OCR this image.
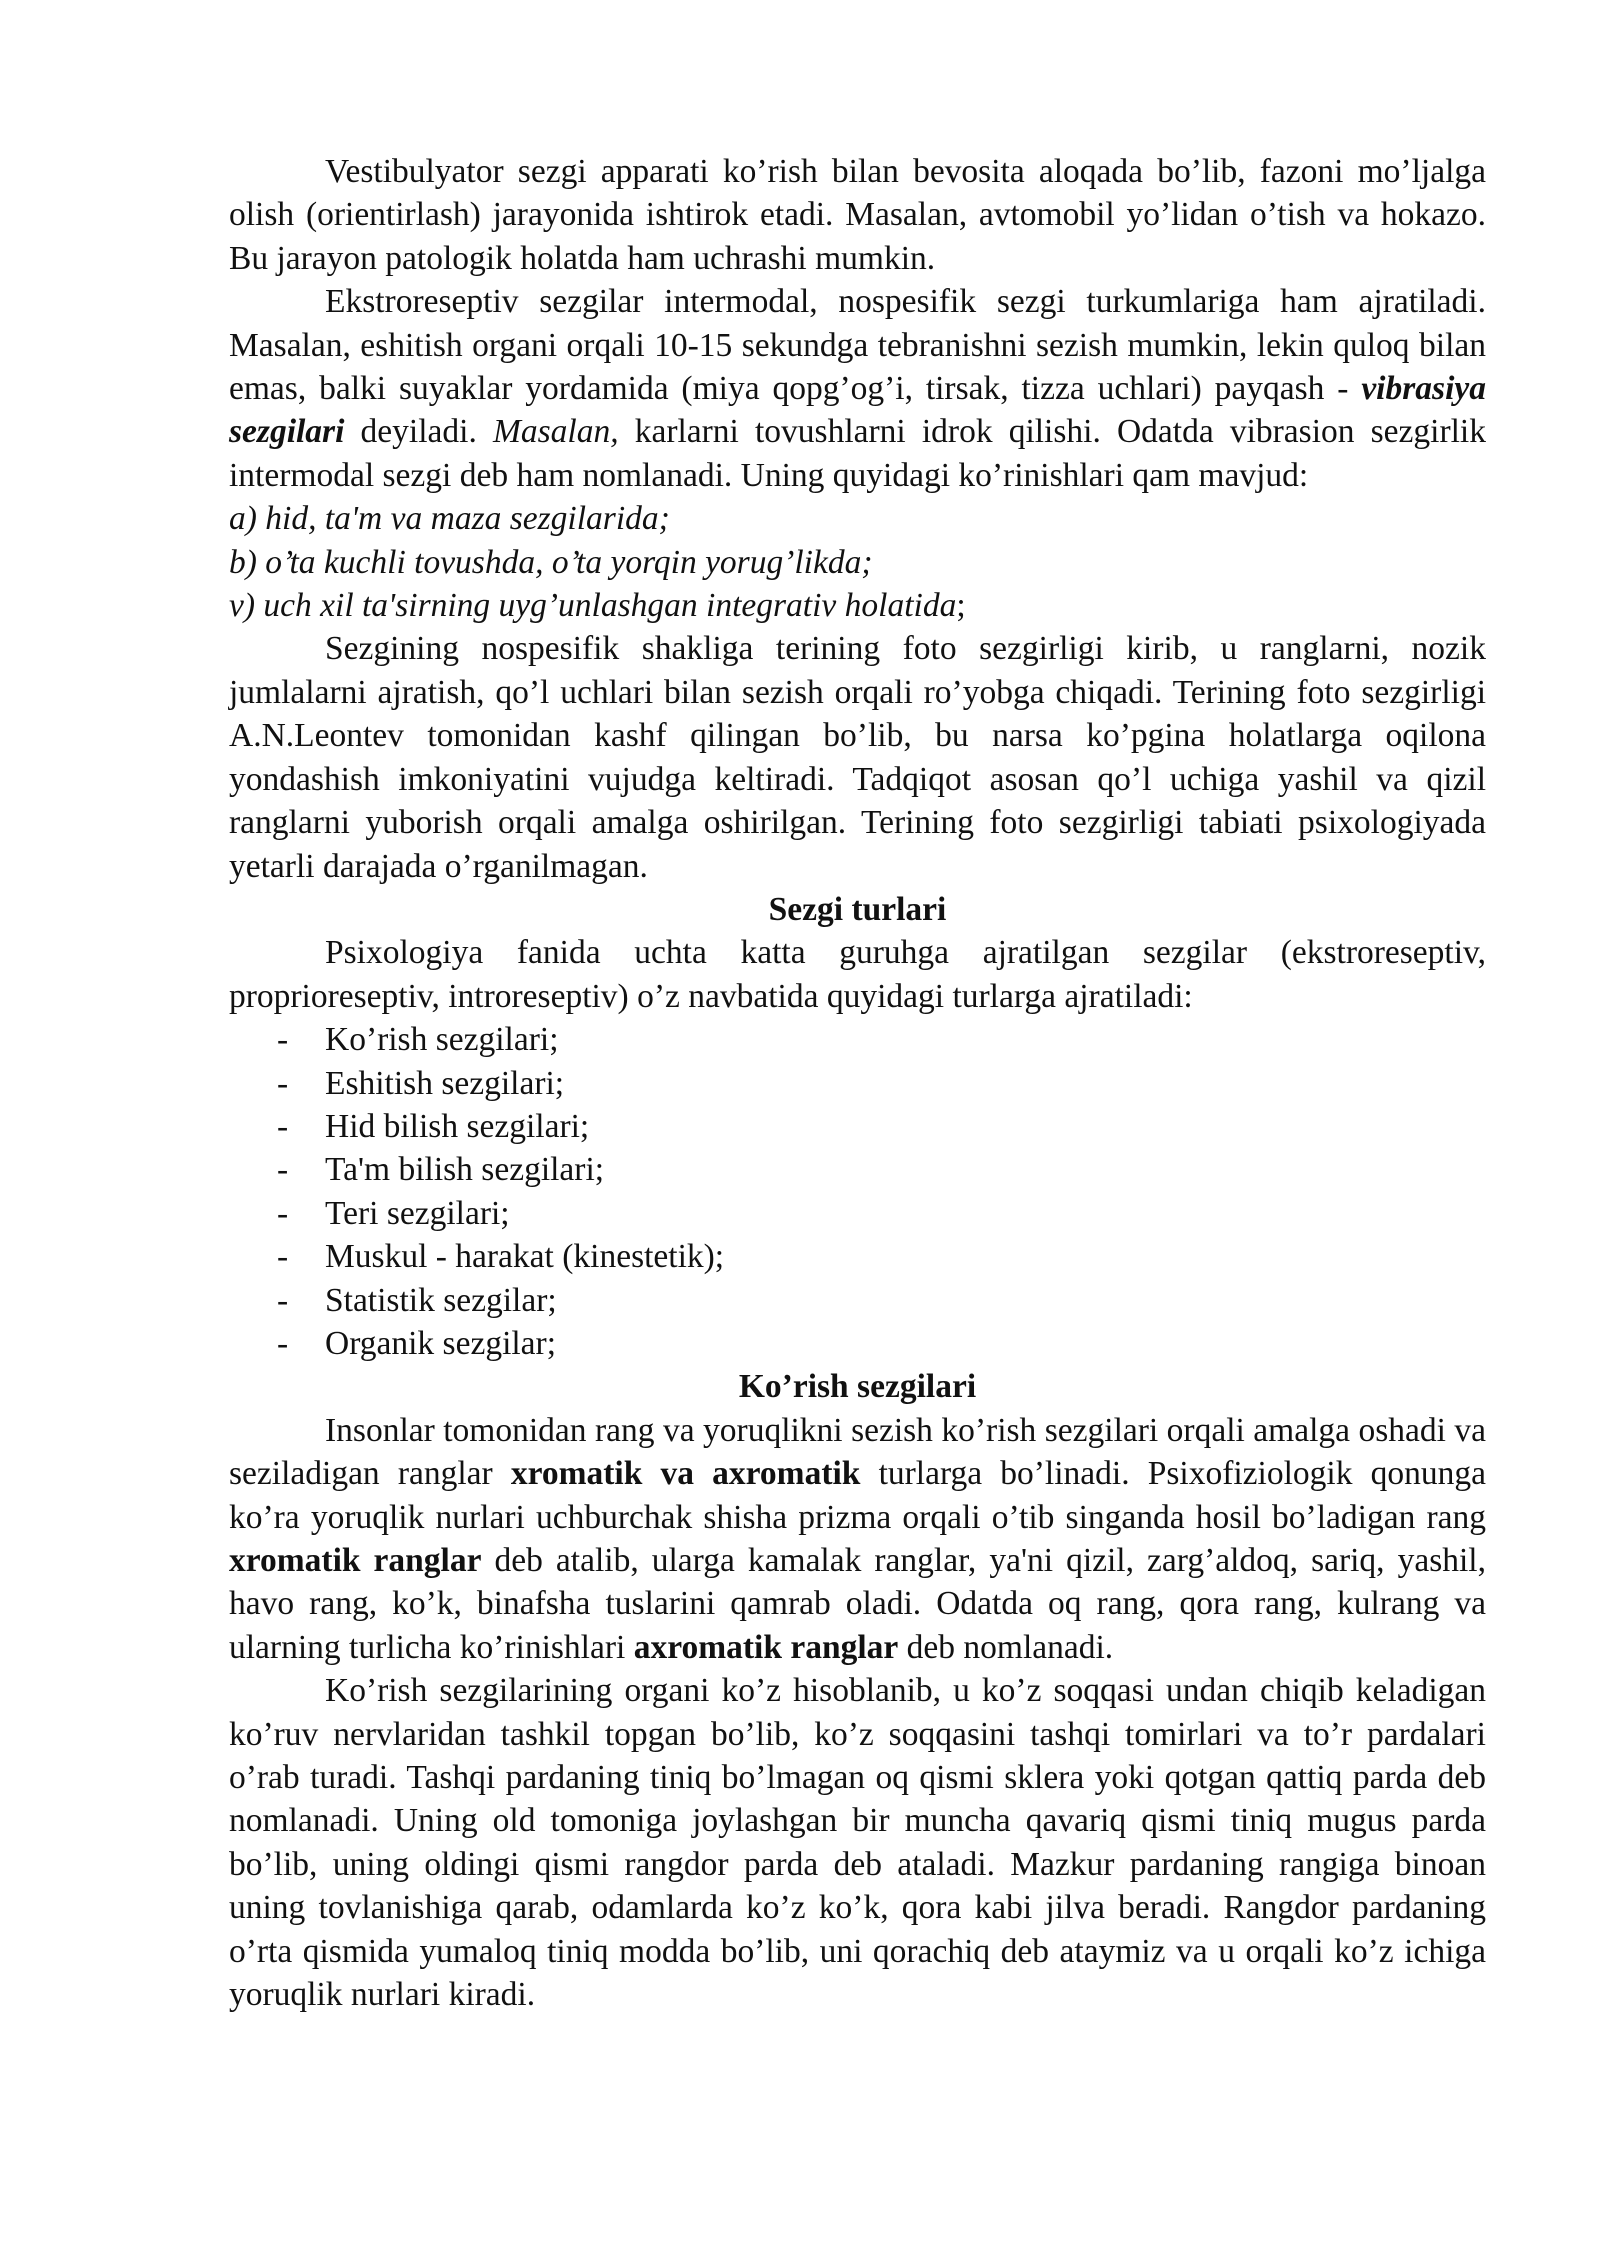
Vestibulyator sezgi apparati ko’rish bilan bevosita aloqada bo’lib, fazoni mo’ljalga olish (orientirlash) jarayonida ishtirok etadi. Masalan, avtomobil yo’lidan o’tish va hokazo. Bu jarayon patologik holatda ham uchrashi mumkin.

Ekstroreseptiv sezgilar intermodal, nospesifik sezgi turkumlariga ham ajratiladi. Masalan, eshitish organi orqali 10-15 sekundga tebranishni sezish mumkin, lekin quloq bilan emas, balki suyaklar yordamida (miya qopg’og’i, tirsak, tizza uchlari) payqash - vibrasiya sezgilari deyiladi. Masalan, karlarni tovushlarni idrok qilishi. Odatda vibrasion sezgirlik intermodal sezgi deb ham nomlanadi. Uning quyidagi ko’rinishlari qam mavjud:

a) hid, ta'm va maza sezgilarida;

b) o’ta kuchli tovushda, o’ta yorqin yorug’likda;

v) uch xil ta'sirning uyg’unlashgan integrativ holatida;

Sezgining nospesifik shakliga terining foto sezgirligi kirib, u ranglarni, nozik jumlalarni ajratish, qo’l uchlari bilan sezish orqali ro’yobga chiqadi. Terining foto sezgirligi A.N.Leontev tomonidan kashf qilingan bo’lib, bu narsa ko’pgina holatlarga oqilona yondashish imkoniyatini vujudga keltiradi. Tadqiqot asosan qo’l uchiga yashil va qizil ranglarni yuborish orqali amalga oshirilgan. Terining foto sezgirligi tabiati psixologiyada yetarli darajada o’rganilmagan.

Sezgi turlari

Psixologiya fanida uchta katta guruhga ajratilgan sezgilar (ekstroreseptiv, proprioreseptiv, introreseptiv) o’z navbatida quyidagi turlarga ajratiladi:

- Ko’rish sezgilari;
- Eshitish sezgilari;
- Hid bilish sezgilari;
- Ta'm bilish sezgilari;
- Teri sezgilari;
- Muskul - harakat (kinestetik);
- Statistik sezgilar;
- Organik sezgilar;

Ko’rish sezgilari

Insonlar tomonidan rang va yoruqlikni sezish ko’rish sezgilari orqali amalga oshadi va seziladigan ranglar xromatik va axromatik turlarga bo’linadi. Psixofiziologik qonunga ko’ra yoruqlik nurlari uchburchak shisha prizma orqali o’tib singanda hosil bo’ladigan rang xromatik ranglar deb atalib, ularga kamalak ranglar, ya'ni qizil, zarg’aldoq, sariq, yashil, havo rang, ko’k, binafsha tuslarini qamrab oladi. Odatda oq rang, qora rang, kulrang va ularning turlicha ko’rinishlari axromatik ranglar deb nomlanadi.

Ko’rish sezgilarining organi ko’z hisoblanib, u ko’z soqqasi undan chiqib keladigan ko’ruv nervlaridan tashkil topgan bo’lib, ko’z soqqasini tashqi tomirlari va to’r pardalari o’rab turadi. Tashqi pardaning tiniq bo’lmagan oq qismi sklera yoki qotgan qattiq parda deb nomlanadi. Uning old tomoniga joylashgan bir muncha qavariq qismi tiniq mugus parda bo’lib, uning oldingi qismi rangdor parda deb ataladi. Mazkur pardaning rangiga binoan uning tovlanishiga qarab, odamlarda ko’z ko’k, qora kabi jilva beradi. Rangdor pardaning o’rta qismida yumaloq tiniq modda bo’lib, uni qorachiq deb ataymiz va u orqali ko’z ichiga yoruqlik nurlari kiradi.
